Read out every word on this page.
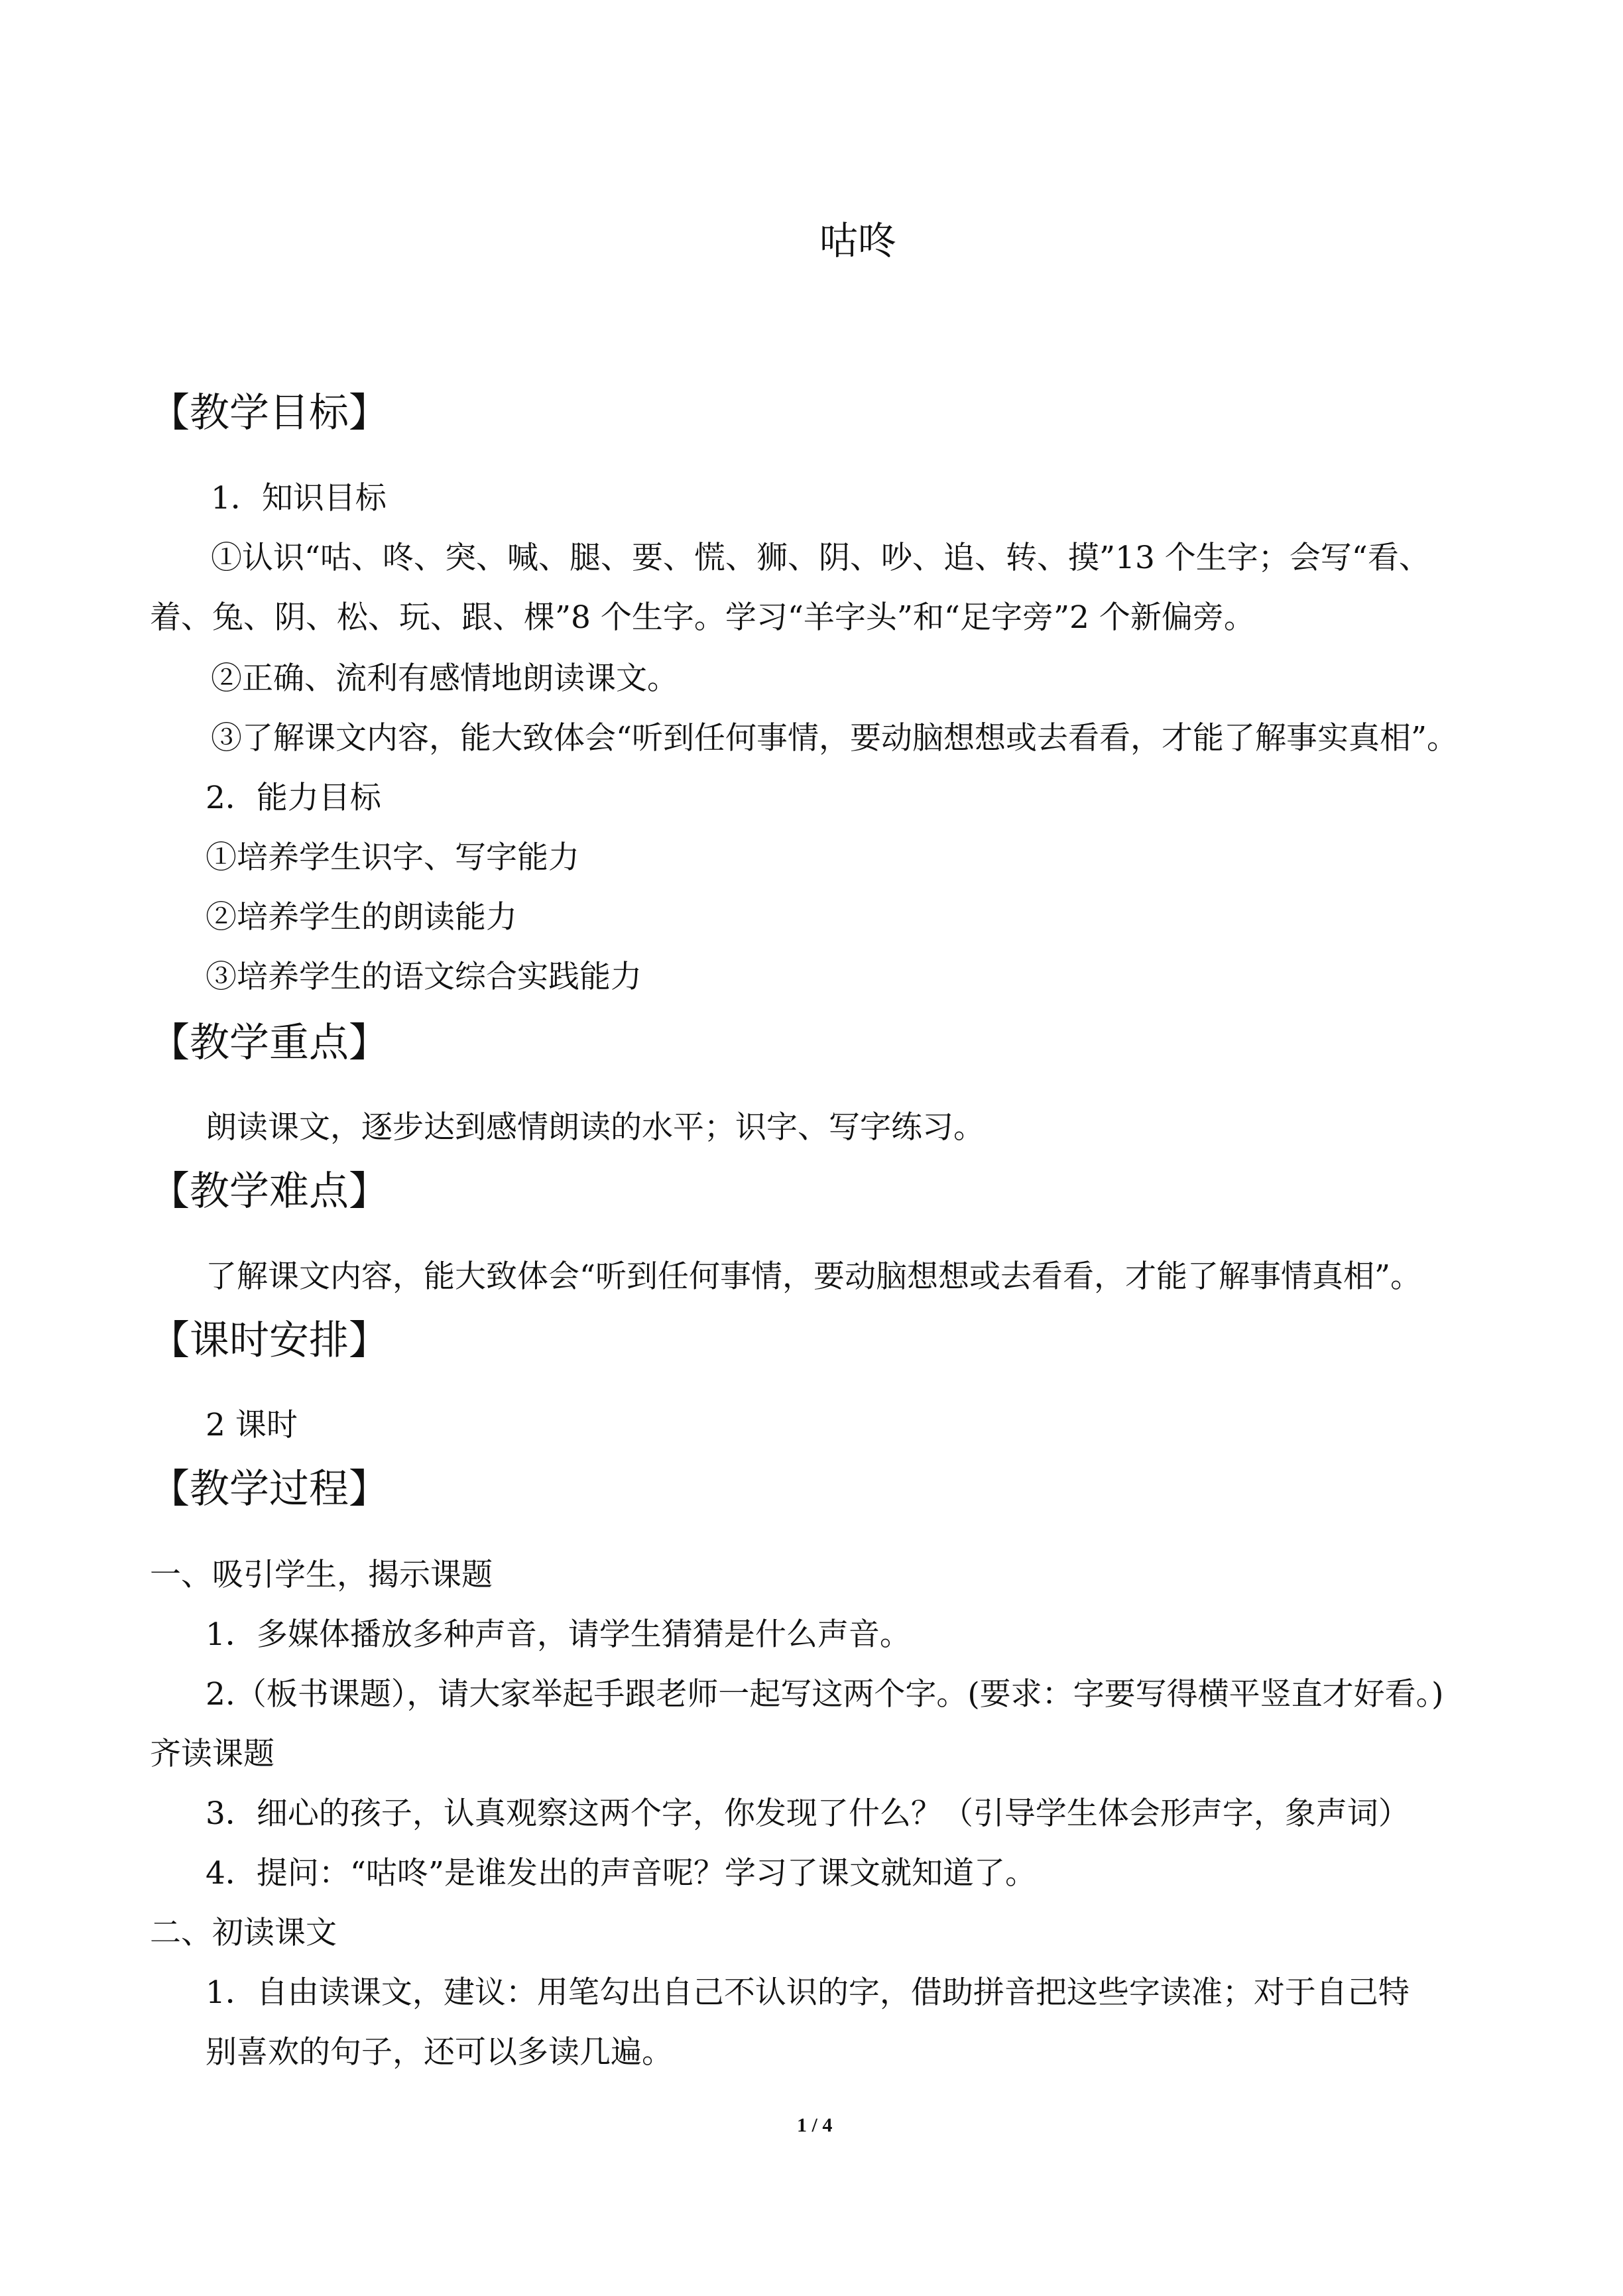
咕咚
【教学目标】
1．知识目标
①认识“咕、咚、突、喊、腿、要、慌、狮、阴、吵、追、转、摸”13 个生字；会写“看、
着、兔、阴、松、玩、跟、棵”8 个生字。学习“羊字头”和“足字旁”2 个新偏旁。
②正确、流利有感情地朗读课文。
③了解课文内容，能大致体会“听到任何事情，要动脑想想或去看看，才能了解事实真相”。
2．能力目标
①培养学生识字、写字能力
②培养学生的朗读能力
③培养学生的语文综合实践能力
【教学重点】
朗读课文，逐步达到感情朗读的水平；识字、写字练习。
【教学难点】
了解课文内容，能大致体会“听到任何事情，要动脑想想或去看看，才能了解事情真相”。
【课时安排】
2 课时
【教学过程】
一、吸引学生，揭示课题
1．多媒体播放多种声音，请学生猜猜是什么声音。
2.（板书课题），请大家举起手跟老师一起写这两个字。(要求：字要写得横平竖直才好看。)
齐读课题
3．细心的孩子，认真观察这两个字，你发现了什么？（引导学生体会形声字，象声词）
4．提问：“咕咚”是谁发出的声音呢？学习了课文就知道了。
二、初读课文
1．自由读课文，建议：用笔勾出自己不认识的字，借助拼音把这些字读准；对于自己特
别喜欢的句子，还可以多读几遍。
1 / 4
